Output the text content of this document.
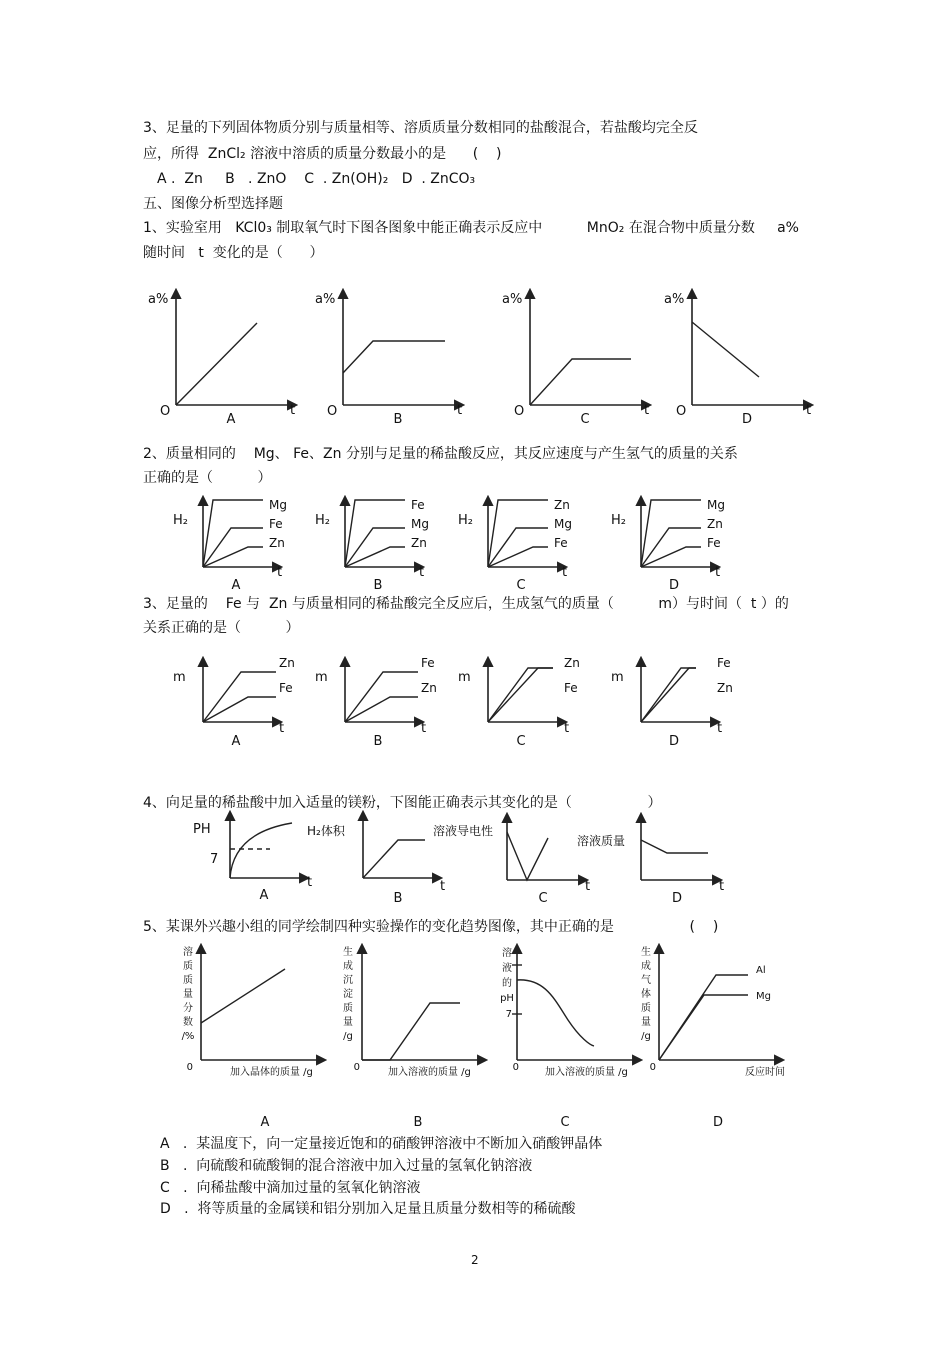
3、足量的下列固体物质分别与质量相等、溶质质量分数相同的盐酸混合，若盐酸均完全反
应，所得  ZnCl₂ 溶液中溶质的质量分数最小的是      (    )
A .  Zn     B   . ZnO    C  . Zn(OH)₂   D  . ZnCO₃
五、图像分析型选择题
1、实验室用   KCl0₃ 制取氧气时下图各图象中能正确表示反应中          MnO₂ 在混合物中质量分数     a%
随时间   t  变化的是（      ）
2、质量相同的    Mg、 Fe、Zn 分别与足量的稀盐酸反应，其反应速度与产生氢气的质量的关系
正确的是（          ）
3、足量的    Fe 与  Zn 与质量相同的稀盐酸完全反应后，生成氢气的质量（          m）与时间（  t ）的
关系正确的是（          ）
4、向足量的稀盐酸中加入适量的镁粉，下图能正确表示其变化的是（                 ）
5、某课外兴趣小组的同学绘制四种实验操作的变化趋势图像，其中正确的是                 (    )
A   .  某温度下，向一定量接近饱和的硝酸钾溶液中不断加入硝酸钾晶体
B   .  向硫酸和硫酸铜的混合溶液中加入过量的氢氧化钠溶液
C   .  向稀盐酸中滴加过量的氢氧化钠溶液
D   .  将等质量的金属镁和铝分别加入足量且质量分数相等的稀硫酸
2
a%
O	t
A
a%
O	t
B
a%
O	t
C
a%
O	t
D
H₂
t
Mg
Fe
Zn
A
H₂
t
Fe
Mg
Zn
B
H₂
t
Zn
Mg
Fe
C
H₂
t
Mg
Zn
Fe
D
m
t
Zn
Fe
A
m
t
Fe
Zn
B
m
t
Zn
Fe
C
m
t
Fe
Zn
D
PH
7
t
A
H₂体积
t
B
溶液导电性
t
C
溶液质量
t
D
溶
质
质
量
分
数
/%
0	加入晶体的质量 /g
A
生
成
沉
淀
质
量
/g
0	加入溶液的质量 /g
B
溶
液
的
pH
7
0	加入溶液的质量 /g
C
生
成
气
体
质
量
/g
0	反应时间
Al
Mg
D
